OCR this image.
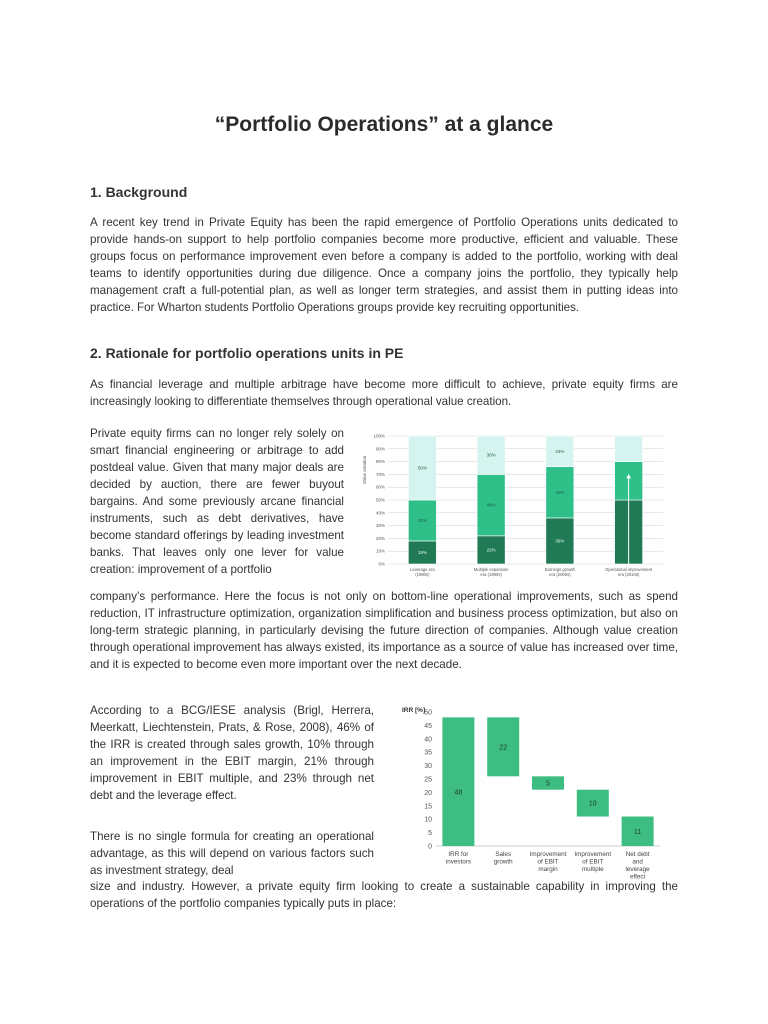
“Portfolio Operations” at a glance
1. Background
A recent key trend in Private Equity has been the rapid emergence of Portfolio Operations units dedicated to provide hands-on support to help portfolio companies become more productive, efficient and valuable. These groups focus on performance improvement even before a company is added to the portfolio, working with deal teams to identify opportunities during due diligence. Once a company joins the portfolio, they typically help management craft a full-potential plan, as well as longer term strategies, and assist them in putting ideas into practice. For Wharton students Portfolio Operations groups provide key recruiting opportunities.
2. Rationale for portfolio operations units in PE
As financial leverage and multiple arbitrage have become more difficult to achieve, private equity firms are increasingly looking to differentiate themselves through operational value creation.
Private equity firms can no longer rely solely on smart financial engineering or arbitrage to add postdeal value. Given that many major deals are decided by auction, there are fewer buyout bargains. And some previously arcane financial instruments, such as debt derivatives, have become standard offerings by leading investment banks. That leaves only one lever for value creation: improvement of a portfolio
company’s performance. Here the focus is not only on bottom-line operational improvements, such as spend reduction, IT infrastructure optimization, organization simplification and business process optimization, but also on long-term strategic planning, in particularly devising the future direction of companies. Although value creation through operational improvement has always existed, its importance as a source of value has increased over time, and it is expected to become even more important over the next decade.
According to a BCG/IESE analysis (Brigl, Herrera, Meerkatt, Liechtenstein, Prats, & Rose, 2008), 46% of the IRR is created through sales growth, 10% through an improvement in the EBIT margin, 21% through improvement in EBIT multiple, and 23% through net debt and the leverage effect.
There is no single formula for creating an operational advantage, as this will depend on various factors such as investment strategy, deal
size and industry. However, a private equity firm looking to create a sustainable capability in improving the operations of the portfolio companies typically puts in place:
Value creation
0%
10%
20%
30%
40%
50%
60%
70%
80%
90%
100%
18%
32%
50%
Leverage era
(1980s)
22%
48%
30%
Multiple expansion
era (1990s)
36%
40%
24%
Earnings growth
era (2000s)
Operational improvement
era (2010s)
IRR [%]
0
5
10
15
20
25
30
35
40
45
50
48
IRR for
investors
22
Sales
growth
5
Improvement
of EBIT
margin
10
Improvement
of EBIT
multiple
11
Net debt
and
leverage
effect
